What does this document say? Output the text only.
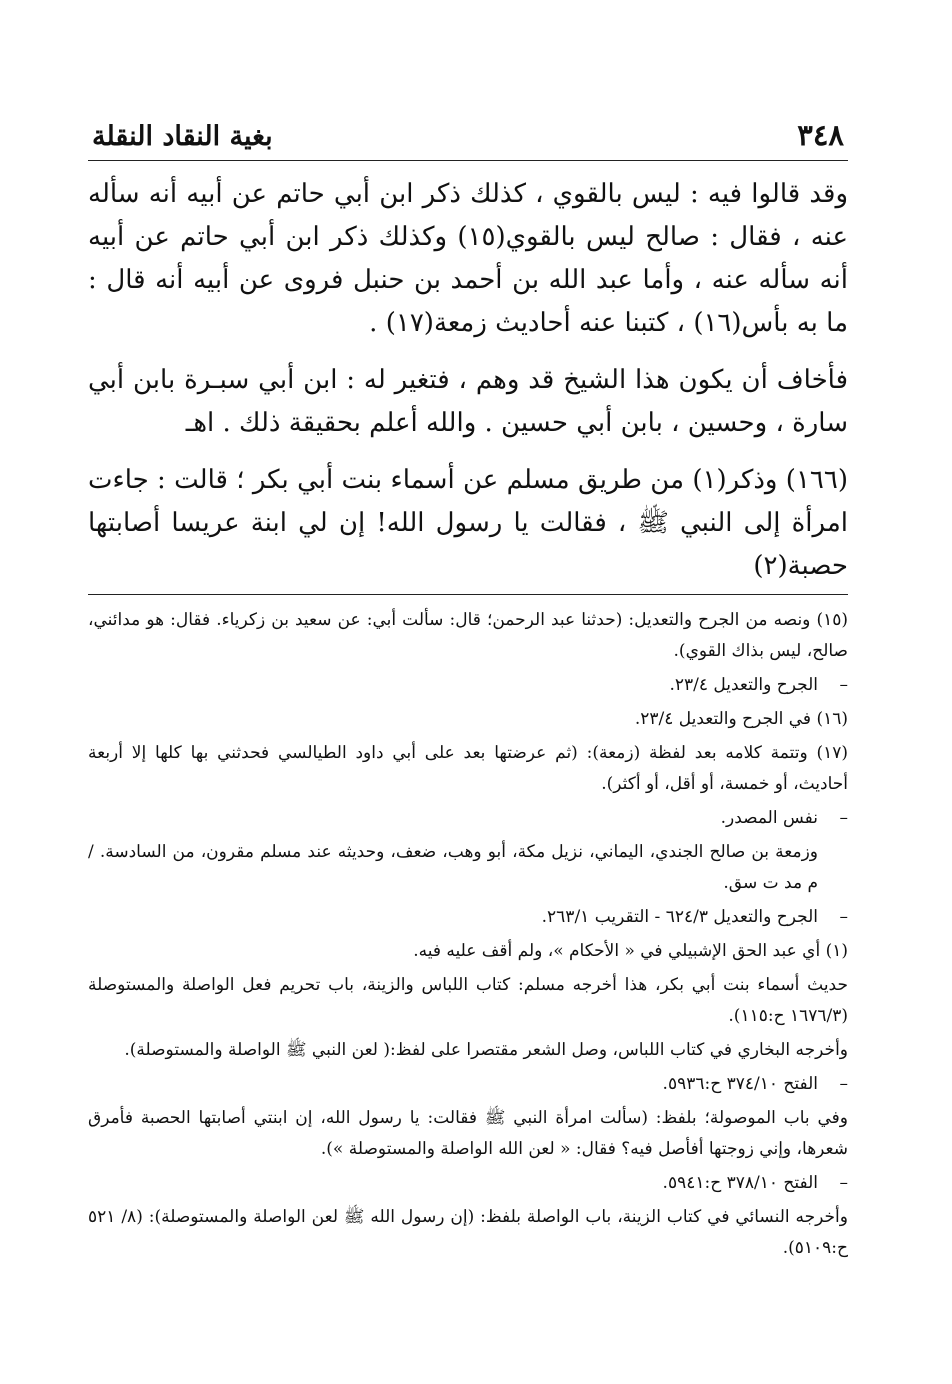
٣٤٨
بغية النقاد النقلة

وقد قالوا فيه : ليس بالقوي ، كذلك ذكر ابن أبي حاتم عن أبيه أنه سأله عنه ، فقال : صالح ليس بالقوي(١٥) وكذلك ذكر ابن أبي حاتم عن أبيه أنه سأله عنه ، وأما عبد الله بن أحمد بن حنبل فروى عن أبيه أنه قال : ما به بأس(١٦) ، كتبنا عنه أحاديث زمعة(١٧) .

فأخاف أن يكون هذا الشيخ قد وهم ، فتغير له : ابن أبي سبـرة بابن أبي سارة ، وحسين ، بابن أبي حسين . والله أعلم بحقيقة ذلك . اهـ

(١٦٦) وذكر(١) من طريق مسلم عن أسماء بنت أبي بكر ؛ قالت : جاءت امرأة إلى النبي ﷺ ، فقالت يا رسول الله! إن لي ابنة عريسا أصابتها حصبة(٢)

(١٥) ونصه من الجرح والتعديل: (حدثنا عبد الرحمن؛ قال: سألت أبي: عن سعيد بن زكرياء. فقال: هو مدائني، صالح، ليس بذاك القوي).

– الجرح والتعديل ٢٣/٤.

(١٦) في الجرح والتعديل ٢٣/٤.

(١٧) وتتمة كلامه بعد لفظة (زمعة): (ثم عرضتها بعد على أبي داود الطيالسي فحدثني بها كلها إلا أربعة أحاديث، أو خمسة، أو أقل، أو أكثر).

– نفس المصدر.

وزمعة بن صالح الجندي، اليماني، نزيل مكة، أبو وهب، ضعف، وحديثه عند مسلم مقرون، من السادسة. / م مد ت سق.

– الجرح والتعديل ٦٢٤/٣ - التقريب ٢٦٣/١.

(١) أي عبد الحق الإشبيلي في « الأحكام »، ولم أقف عليه فيه.

حديث أسماء بنت أبي بكر، هذا أخرجه مسلم: كتاب اللباس والزينة، باب تحريم فعل الواصلة والمستوصلة (١٦٧٦/٣ ح:١١٥).

وأخرجه البخاري في كتاب اللباس، وصل الشعر مقتصرا على لفظ:( لعن النبي ﷺ الواصلة والمستوصلة).

– الفتح ٣٧٤/١٠ ح:٥٩٣٦.

وفي باب الموصولة؛ بلفظ: (سألت امرأة النبي ﷺ فقالت: يا رسول الله، إن ابنتي أصابتها الحصبة فأمرق شعرها، وإني زوجتها أفأصل فيه؟ فقال: « لعن الله الواصلة والمستوصلة »).

– الفتح ٣٧٨/١٠ ح:٥٩٤١.

وأخرجه النسائي في كتاب الزينة، باب الواصلة بلفظ: (إن رسول الله ﷺ لعن الواصلة والمستوصلة): (٨/ ٥٢١ ح:٥١٠٩).
